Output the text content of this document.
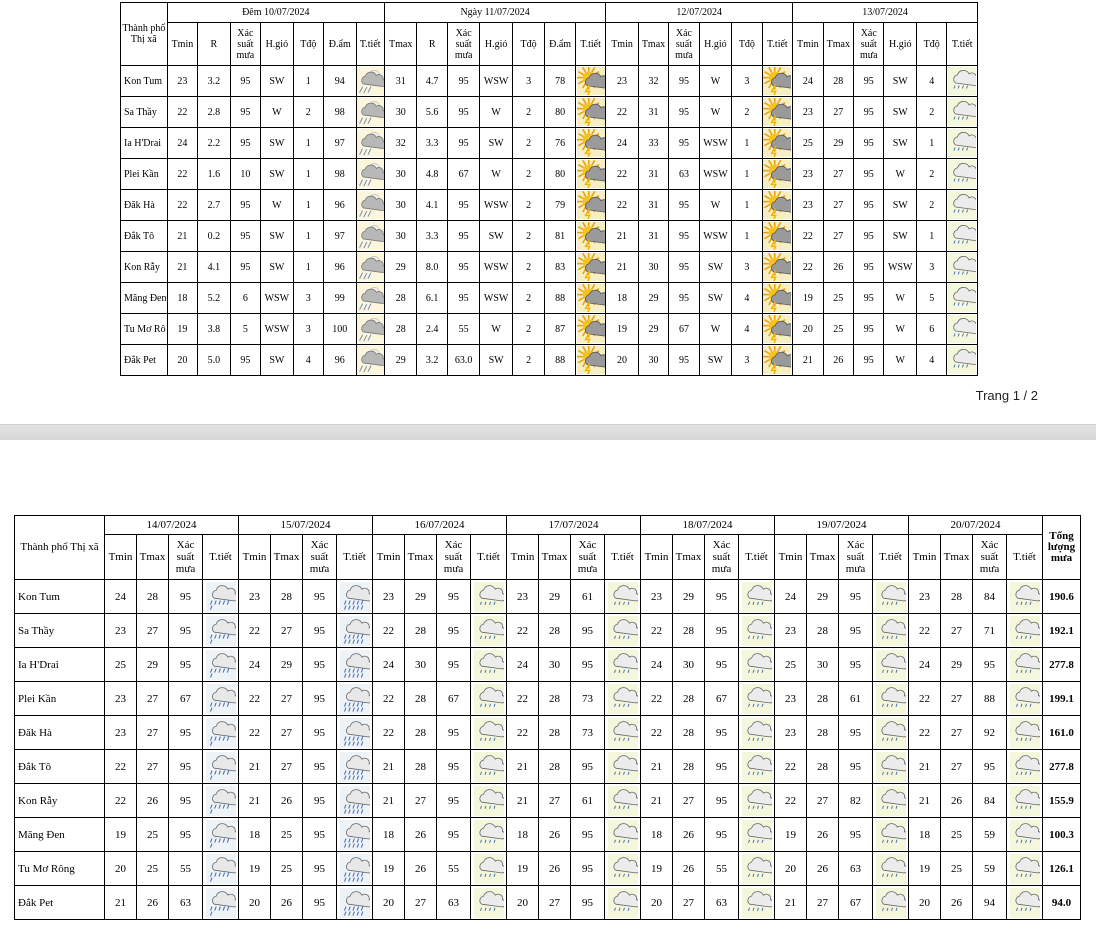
Thành phố Thị xã	Đêm 10/07/2024							Ngày 11/07/2024							12/07/2024						13/07/2024					
	Tmin	R	Xác suất mưa	H.gió	Tđộ	Đ.ẩm	T.tiết	Tmax	R	Xác suất mưa	H.gió	Tđộ	Đ.ẩm	T.tiết	Tmin	Tmax	Xác suất mưa	H.gió	Tđộ	T.tiết	Tmin	Tmax	Xác suất mưa	H.gió	Tđộ	T.tiết
Kon Tum	23	3.2	95	SW	1	94		31	4.7	95	WSW	3	78		23	32	95	W	3		24	28	95	SW	4	

Sa Thầy	22	2.8	95	W	2	98		30	5.6	95	W	2	80		22	31	95	W	2		23	27	95	SW	2	

Ia H'Drai	24	2.2	95	SW	1	97		32	3.3	95	SW	2	76		24	33	95	WSW	1		25	29	95	SW	1	

Plei Kần	22	1.6	10	SW	1	98		30	4.8	67	W	2	80		22	31	63	WSW	1		23	27	95	W	2	

Đăk Hà	22	2.7	95	W	1	96		30	4.1	95	WSW	2	79		22	31	95	W	1		23	27	95	SW	2	

Đắk Tô	21	0.2	95	SW	1	97		30	3.3	95	SW	2	81		21	31	95	WSW	1		22	27	95	SW	1	

Kon Rẫy	21	4.1	95	SW	1	96		29	8.0	95	WSW	2	83		21	30	95	SW	3		22	26	95	WSW	3	

Măng Đen	18	5.2	6	WSW	3	99		28	6.1	95	WSW	2	88		18	29	95	SW	4		19	25	95	W	5	

Tu Mơ Rô	19	3.8	5	WSW	3	100		28	2.4	55	W	2	87		19	29	67	W	4		20	25	95	W	6	

Đắk Pet	20	5.0	95	SW	4	96		29	3.2	63.0	SW	2	88		20	30	95	SW	3		21	26	95	W	4	
Trang 1 / 2
Thành phố Thị xã	14/07/2024				15/07/2024				16/07/2024				17/07/2024				18/07/2024				19/07/2024				20/07/2024				Tổng lượng mưa
	Tmin	Tmax	Xác suất mưa	T.tiết	Tmin	Tmax	Xác suất mưa	T.tiết	Tmin	Tmax	Xác suất mưa	T.tiết	Tmin	Tmax	Xác suất mưa	T.tiết	Tmin	Tmax	Xác suất mưa	T.tiết	Tmin	Tmax	Xác suất mưa	T.tiết	Tmin	Tmax	Xác suất mưa	T.tiết	
Kon Tum	24	28	95		23	28	95		23	29	95		23	29	61		23	29	95		24	29	95		23	28	84		190.6
Sa Thầy	23	27	95		22	27	95		22	28	95		22	28	95		22	28	95		23	28	95		22	27	71		192.1
Ia H'Drai	25	29	95		24	29	95		24	30	95		24	30	95		24	30	95		25	30	95		24	29	95		277.8
Plei Kần	23	27	67		22	27	95		22	28	67		22	28	73		22	28	67		23	28	61		22	27	88		199.1
Đăk Hà	23	27	95		22	27	95		22	28	95		22	28	73		22	28	95		23	28	95		22	27	92		161.0
Đắk Tô	22	27	95		21	27	95		21	28	95		21	28	95		21	28	95		22	28	95		21	27	95		277.8
Kon Rẫy	22	26	95		21	26	95		21	27	95		21	27	61		21	27	95		22	27	82		21	26	84		155.9
Măng Đen	19	25	95		18	25	95		18	26	95		18	26	95		18	26	95		19	26	95		18	25	59		100.3
Tu Mơ Rông	20	25	55		19	25	95		19	26	55		19	26	95		19	26	55		20	26	63		19	25	59		126.1
Đắk Pet	21	26	63		20	26	95		20	27	63		20	27	95		20	27	63		21	27	67		20	26	94		94.0
